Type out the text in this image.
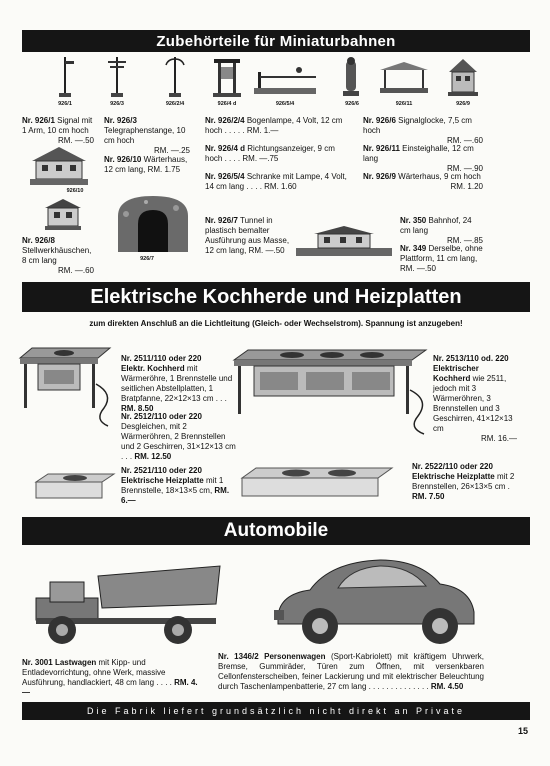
Zubehörteile für Miniaturbahnen
926/1	926/3	926/2/4	926/4 d	926/5/4	926/6	926/11	926/9
Nr. 926/1 Signal mit 1 Arm, 10 cm hoch
RM. —.50
Nr. 926/3 Telegraphenstange, 10 cm hoch
RM. —.25
Nr. 926/10 Wärterhaus, 12 cm lang, RM. 1.75
926/10
Nr. 926/8 Stellwerkhäuschen, 8 cm lang
RM. —.60
926/7
Nr. 926/2/4 Bogenlampe, 4 Volt, 12 cm hoch . . . . . RM. 1.—
Nr. 926/4 d Richtungsanzeiger, 9 cm hoch . . . . RM. —.75
Nr. 926/5/4 Schranke mit Lampe, 4 Volt, 14 cm lang . . . . RM. 1.60
Nr. 926/6 Signalglocke, 7,5 cm hoch
RM. —.60
Nr. 926/11 Einsteighalle, 12 cm lang
RM. —.90
Nr. 926/9 Wärterhaus, 9 cm hoch
RM. 1.20
Nr. 926/7 Tunnel in plastisch bemalter Ausführung aus Masse, 12 cm lang, RM. —.50
Nr. 350 Bahnhof, 24 cm lang
RM. —.85
Nr. 349 Derselbe, ohne Plattform, 11 cm lang, RM. —.50
Elektrische Kochherde und Heizplatten
zum direkten Anschluß an die Lichtleitung (Gleich- oder Wechselstrom). Spannung ist anzugeben!
Nr. 2511/110 oder 220
Elektr. Kochherd mit Wärmeröhre, 1 Brennstelle und seitlichen Abstellplatten, 1 Bratpfanne, 22×12×13 cm . . . RM. 8.50
Nr. 2512/110 oder 220
Desgleichen, mit 2 Wärmeröhren, 2 Brennstellen und 2 Geschirren, 31×12×13 cm . . . RM. 12.50
Nr. 2513/110 od. 220
Elektrischer Kochherd wie 2511, jedoch mit 3 Wärmeröhren, 3 Brennstellen und 3 Geschirren, 41×12×13 cm
RM. 16.—
Nr. 2521/110 oder 220
Elektrische Heizplatte mit 1 Brennstelle, 18×13×5 cm, RM. 6.—
Nr. 2522/110 oder 220
Elektrische Heizplatte mit 2 Brennstellen, 26×13×5 cm . RM. 7.50
Automobile
Nr. 3001 Lastwagen mit Kipp- und Entladevorrichtung, ohne Werk, massive Ausführung, handlackiert, 48 cm lang . . . . RM. 4.—
Nr. 1346/2 Personenwagen (Sport-Kabriolett) mit kräftigem Uhrwerk, Bremse, Gummiräder, Türen zum Öffnen, mit versenkbaren Cellonfensterscheiben, feiner Lackierung und mit elektrischer Beleuchtung durch Taschenlampenbatterie, 27 cm lang . . . . . . . . . . . . . . RM. 4.50
Die Fabrik liefert grundsätzlich nicht direkt an Private
15
